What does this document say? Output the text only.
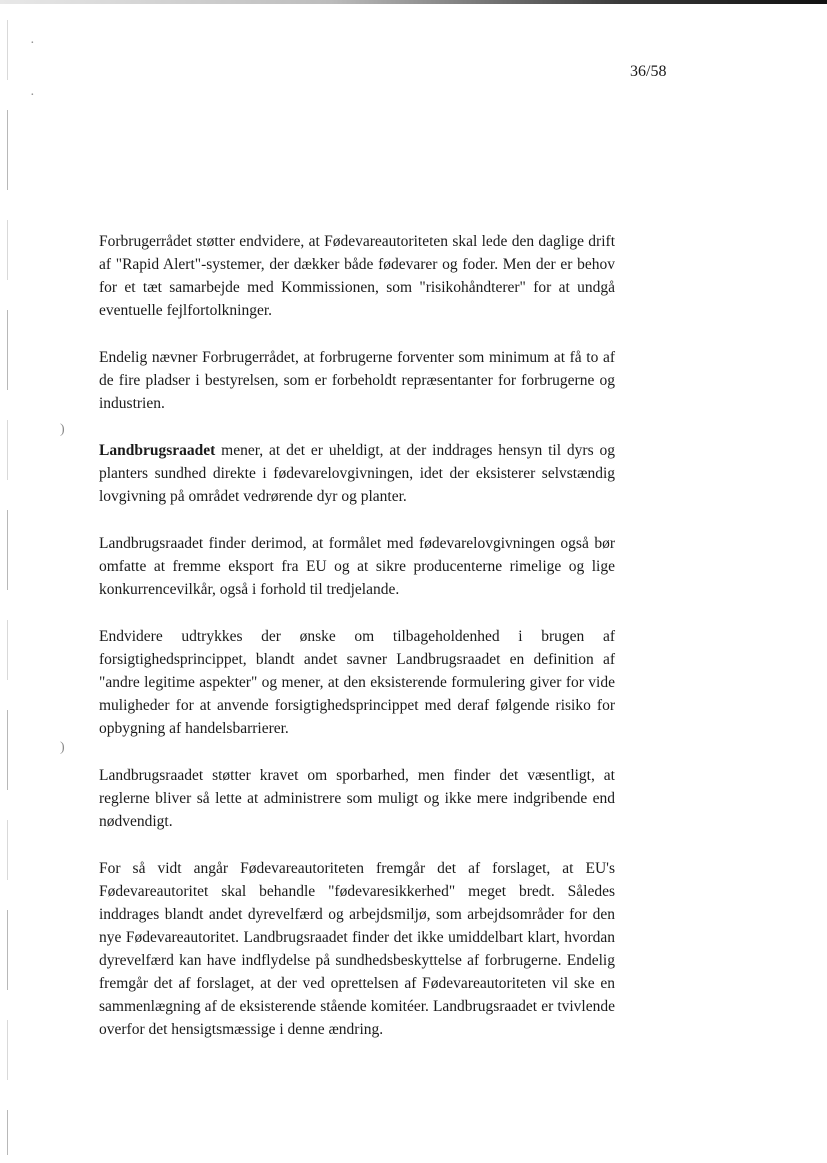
·
·
)
)
36/58

Forbrugerrådet støtter endvidere, at Fødevareautoriteten skal lede den daglige drift af "Rapid Alert"-systemer, der dækker både fødevarer og foder. Men der er behov for et tæt samarbejde med Kommissionen, som "risikohåndterer" for at undgå eventuelle fejlfortolkninger.

Endelig nævner Forbrugerrådet, at forbrugerne forventer som minimum at få to af de fire pladser i bestyrelsen, som er forbeholdt repræsentanter for forbrugerne og industrien.

Landbrugsraadet mener, at det er uheldigt, at der inddrages hensyn til dyrs og planters sundhed direkte i fødevarelovgivningen, idet der eksisterer selvstændig lovgivning på området vedrørende dyr og planter.

Landbrugsraadet finder derimod, at formålet med fødevarelovgivningen også bør omfatte at fremme eksport fra EU og at sikre producenterne rimelige og lige konkurrencevilkår, også i forhold til tredjelande.

Endvidere udtrykkes der ønske om tilbageholdenhed i brugen af forsigtighedsprincippet, blandt andet savner Landbrugsraadet en definition af "andre legitime aspekter" og mener, at den eksisterende formulering giver for vide muligheder for at anvende forsigtighedsprincippet med deraf følgende risiko for opbygning af handelsbarrierer.

Landbrugsraadet støtter kravet om sporbarhed, men finder det væsentligt, at reglerne bliver så lette at administrere som muligt og ikke mere indgribende end nødvendigt.

For så vidt angår Fødevareautoriteten fremgår det af forslaget, at EU's Fødevareautoritet skal behandle "fødevaresikkerhed" meget bredt. Således inddrages blandt andet dyrevelfærd og arbejdsmiljø, som arbejdsområder for den nye Fødevareautoritet. Landbrugsraadet finder det ikke umiddelbart klart, hvordan dyrevelfærd kan have indflydelse på sundhedsbeskyttelse af forbrugerne. Endelig fremgår det af forslaget, at der ved oprettelsen af Fødevareautoriteten vil ske en sammenlægning af de eksisterende stående komitéer. Landbrugsraadet er tvivlende overfor det hensigtsmæssige i denne ændring.
